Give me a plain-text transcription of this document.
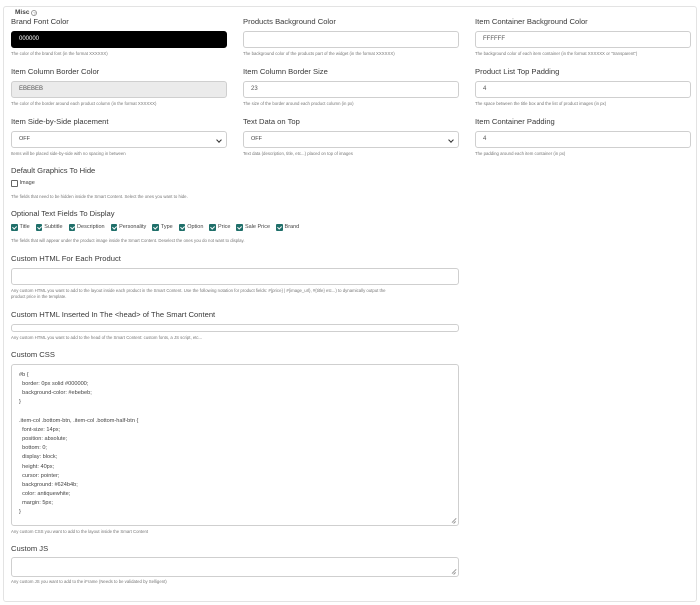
Misc ?
Brand Font Color
000000
The color of the brand font (in the format XXXXXX)
Products Background Color
The background color of the products part of the widget (in the format XXXXXX)
Item Container Background Color
FFFFFF
The background color of each item container (in the format XXXXXX or "transparent")
Item Column Border Color
EBEBEB
The color of the border around each product column (in the format XXXXXX)
Item Column Border Size
23
The size of the border around each product column (in px)
Product List Top Padding
4
The space between the title box and the list of product images (in px)
Item Side-by-Side placement
OFF
Items will be placed side-by-side with no spacing in between
Text Data on Top
OFF
Text data (description, title, etc...) placed on top of images
Item Container Padding
4
The padding around each item container (in px)
Default Graphics To Hide
Image
The fields that need to be hidden inside the Smart Content. Select the ones you want to hide.
Optional Text Fields To Display
Title	Subtitle	Description	Personality	Type	Option	Price	Sale Price	Brand
The fields that will appear under the product image inside the Smart Content. Deselect the ones you do not want to display.
Custom HTML For Each Product
Any custom HTML you want to add to the layout inside each product in the Smart Content. Use the following notation for product fields: #{price} | #{image_url}, #{title} etc...) to dynamically output the
product price in the template.
Custom HTML Inserted In The <head> of The Smart Content
Any custom HTML you want to add to the head of the Smart Content: custom fonts, a JS script, etc...
Custom CSS
#b {
border: 0px solid #000000;
background-color: #ebebeb;
}

.item-col .bottom-btn, .item-col .bottom-half-btn {
font-size: 14px;
position: absolute;
bottom: 0;
display: block;
height: 40px;
cursor: pointer;
background: #624b4b;
color: antiquewhite;
margin: 5px;
}
Any custom CSS you want to add to the layout inside the Smart Content
Custom JS
Any custom JS you want to add to the iFrame (Needs to be validated by Selligent)
